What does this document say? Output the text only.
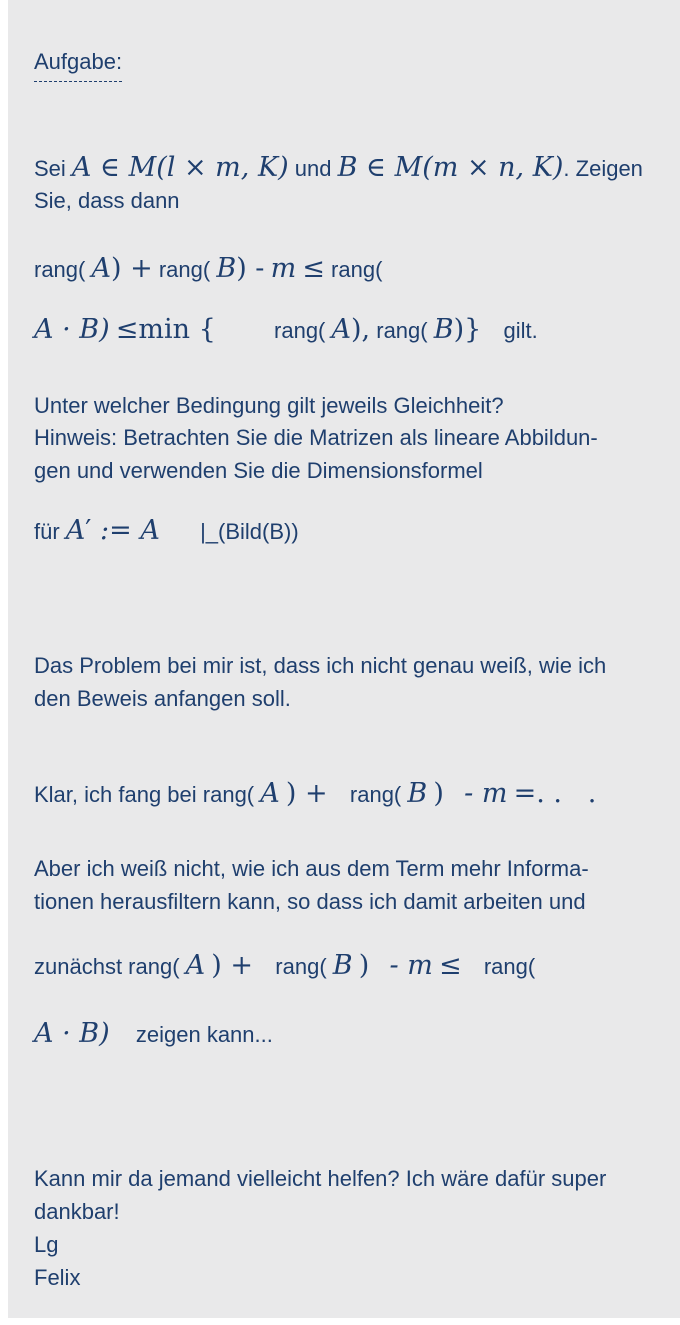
Aufgabe:
Sei A ∈ M(l × m, K) und B ∈ M(m × n, K). Zeigen
Sie, dass dann
rang( A) + rang( B) - m ≤ rang(
A · B) ≤min {	rang( A), rang( B)} gilt.
Unter welcher Bedingung gilt jeweils Gleichheit?
Hinweis: Betrachten Sie die Matrizen als lineare Abbildun-
gen und verwenden Sie die Dimensionsformel
für A′ := A |_(Bild(B))
Das Problem bei mir ist, dass ich nicht genau weiß, wie ich
den Beweis anfangen soll.
Klar, ich fang bei rang( A ) + rang( B ) - m =. .   .
Aber ich weiß nicht, wie ich aus dem Term mehr Informa-
tionen herausfiltern kann, so dass ich damit arbeiten und
zunächst rang( A ) + rang( B ) - m ≤ rang(
A · B) zeigen kann...
Kann mir da jemand vielleicht helfen? Ich wäre dafür super
dankbar!
Lg
Felix
